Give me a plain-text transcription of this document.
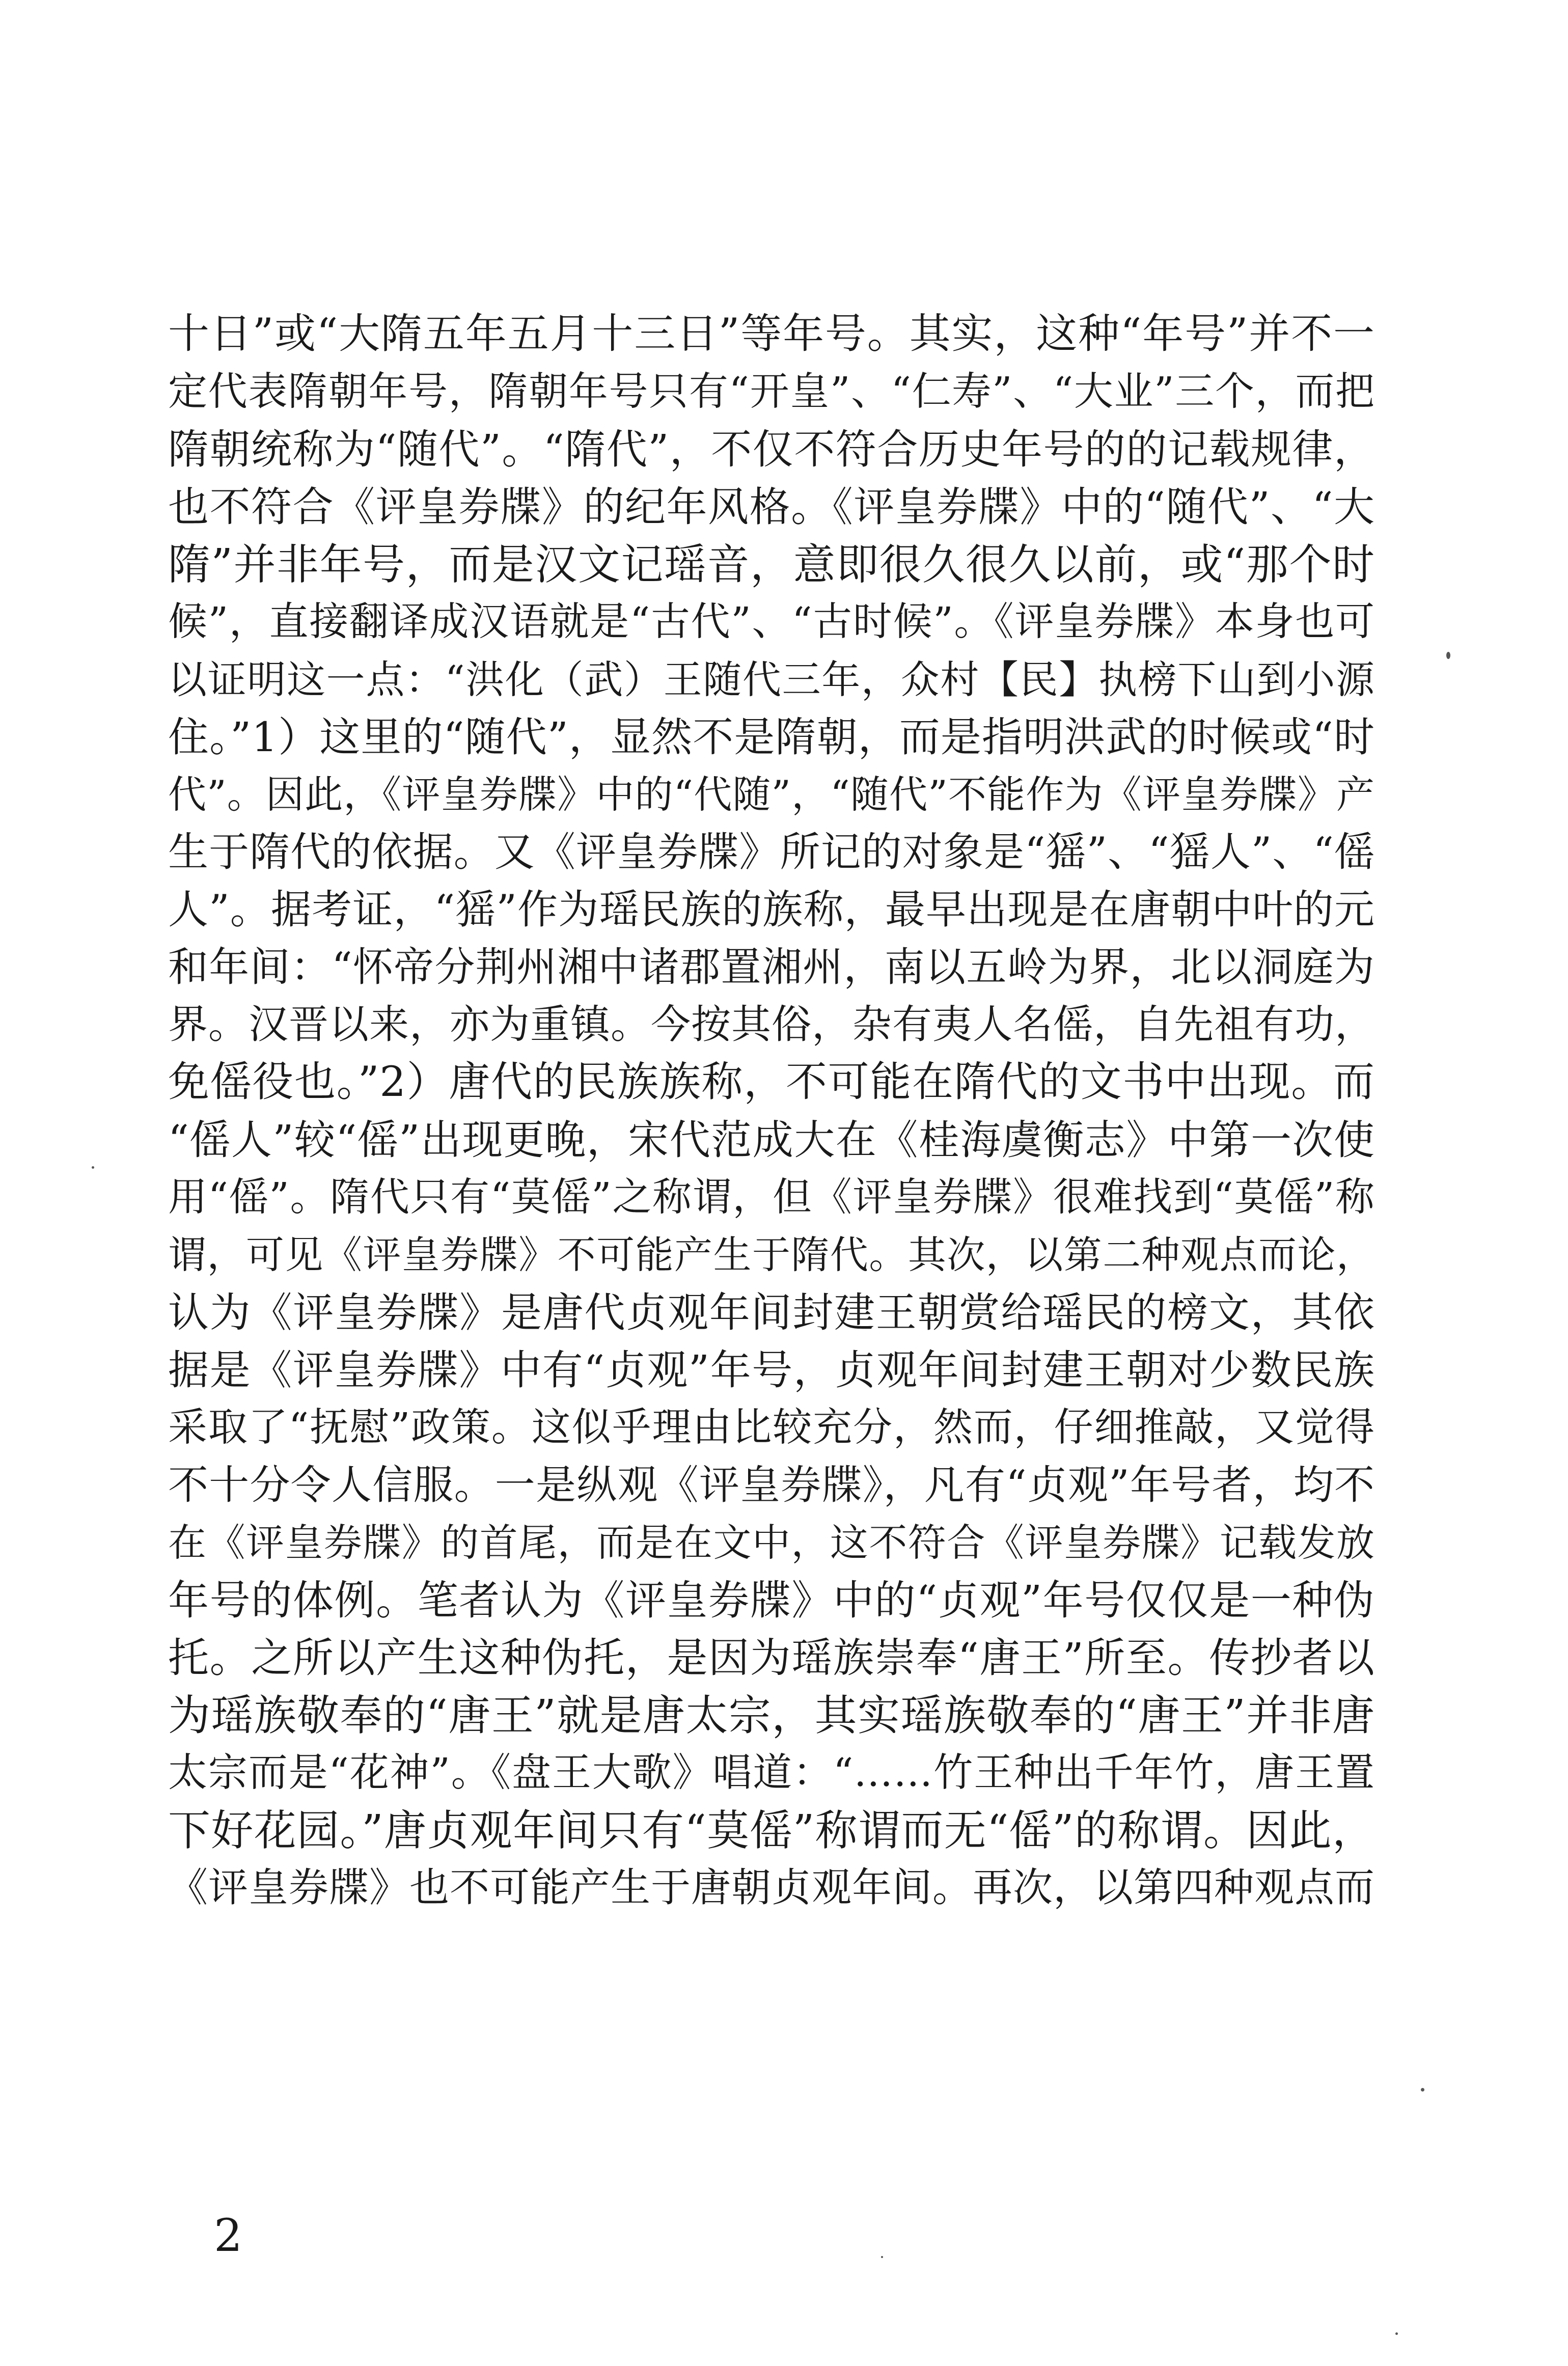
十日”或“大隋五年五月十三日”等年号。其实，这种“年号”并不一
定代表隋朝年号，隋朝年号只有“开皇”、“仁寿”、“大业”三个，而把
隋朝统称为“随代”。“隋代”，不仅不符合历史年号的的记载规律，
也不符合《评皇券牒》的纪年风格。《评皇券牒》中的“随代”、“大
隋”并非年号，而是汉文记瑶音，意即很久很久以前，或“那个时
候”，直接翻译成汉语就是“古代”、“古时候”。《评皇券牒》本身也可
以证明这一点：“洪化（武）王随代三年，众村【民】执榜下山到小源
住。”1）这里的“随代”，显然不是隋朝，而是指明洪武的时候或“时
代”。因此，《评皇券牒》中的“代随”，“随代”不能作为《评皇券牒》产
生于隋代的依据。又《评皇券牒》所记的对象是“猺”、“猺人”、“傜
人”。据考证，“猺”作为瑶民族的族称，最早出现是在唐朝中叶的元
和年间：“怀帝分荆州湘中诸郡置湘州，南以五岭为界，北以洞庭为
界。汉晋以来，亦为重镇。今按其俗，杂有夷人名傜，自先祖有功，
免傜役也。”2）唐代的民族族称，不可能在隋代的文书中出现。而
“傜人”较“傜”出现更晚，宋代范成大在《桂海虞衡志》中第一次使
用“傜”。隋代只有“莫傜”之称谓，但《评皇券牒》很难找到“莫傜”称
谓，可见《评皇券牒》不可能产生于隋代。其次，以第二种观点而论，
认为《评皇券牒》是唐代贞观年间封建王朝赏给瑶民的榜文，其依
据是《评皇券牒》中有“贞观”年号，贞观年间封建王朝对少数民族
采取了“抚慰”政策。这似乎理由比较充分，然而，仔细推敲，又觉得
不十分令人信服。一是纵观《评皇券牒》，凡有“贞观”年号者，均不
在《评皇券牒》的首尾，而是在文中，这不符合《评皇券牒》记载发放
年号的体例。笔者认为《评皇券牒》中的“贞观”年号仅仅是一种伪
托。之所以产生这种伪托，是因为瑶族崇奉“唐王”所至。传抄者以
为瑶族敬奉的“唐王”就是唐太宗，其实瑶族敬奉的“唐王”并非唐
太宗而是“花神”。《盘王大歌》唱道：“……竹王种出千年竹，唐王置
下好花园。”唐贞观年间只有“莫傜”称谓而无“傜”的称谓。因此，
《评皇券牒》也不可能产生于唐朝贞观年间。再次，以第四种观点而
2
